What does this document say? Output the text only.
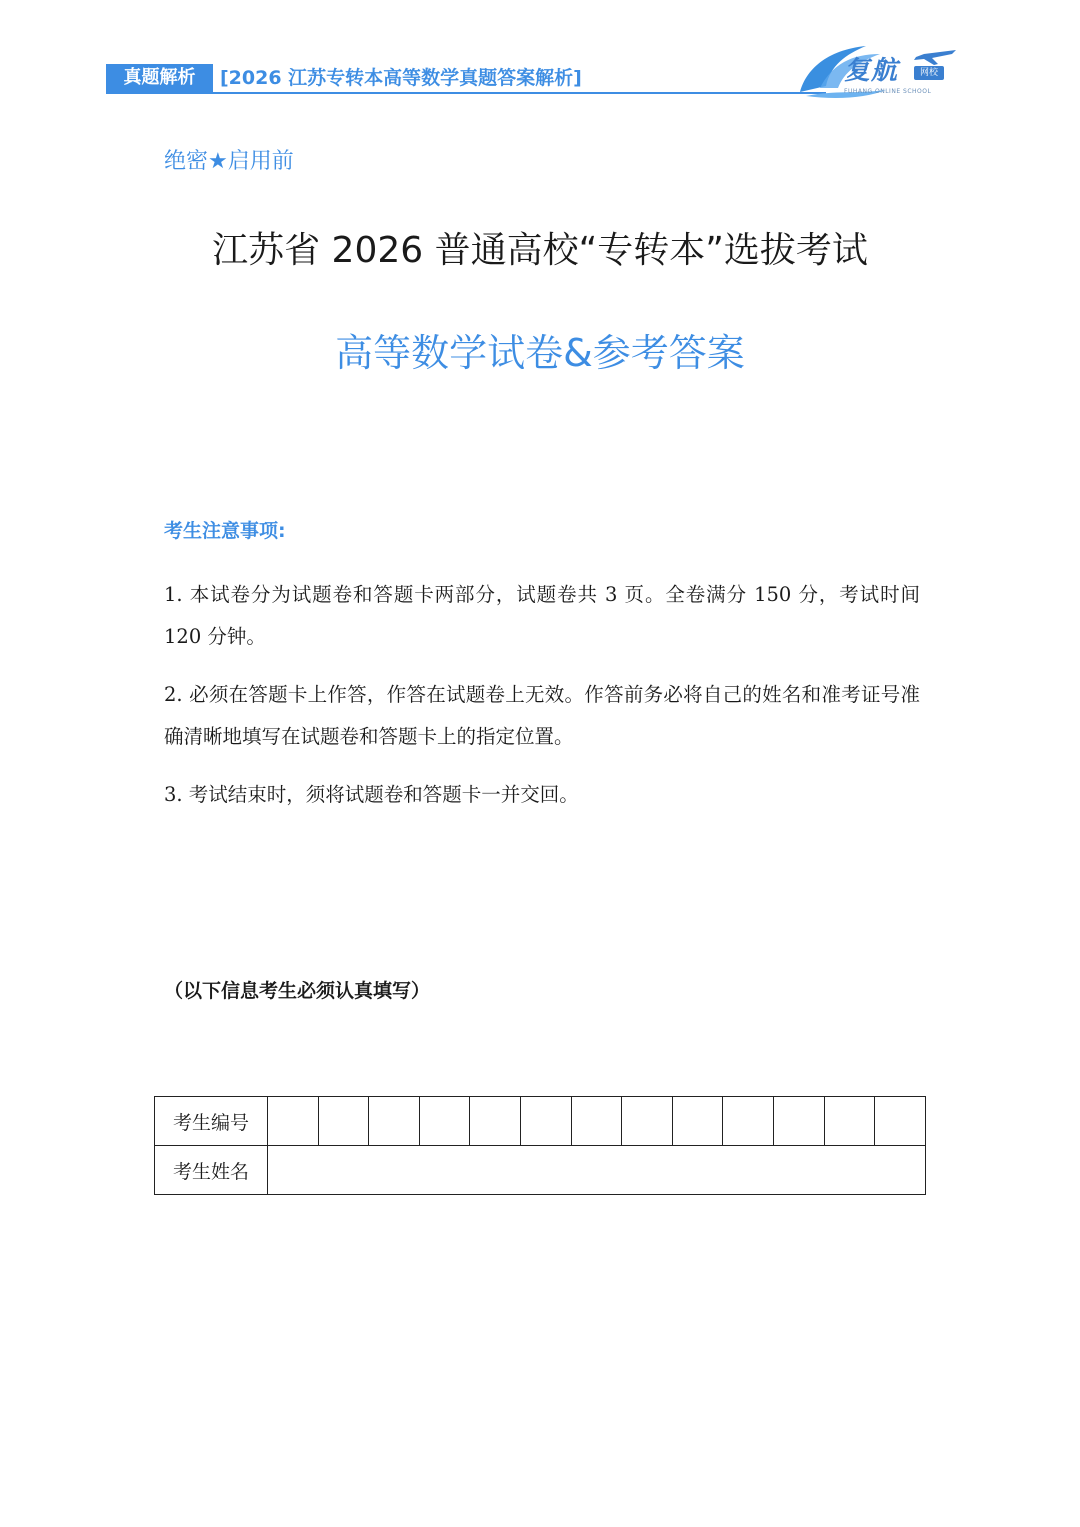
真题解析	[2026 江苏专转本高等数学真题答案解析]	复航	网校
FUHANG ONLINE SCHOOL
绝密★启用前
江苏省 2026 普通高校“专转本”选拔考试
高等数学试卷&参考答案
考生注意事项:
1. 本试卷分为试题卷和答题卡两部分，试题卷共 3 页。全卷满分 150 分，考试时间 120 分钟。
2. 必须在答题卡上作答，作答在试题卷上无效。作答前务必将自己的姓名和准考证号准确清晰地填写在试题卷和答题卡上的指定位置。
3. 考试结束时，须将试题卷和答题卡一并交回。
（以下信息考生必须认真填写）
考生编号													
考生姓名													
